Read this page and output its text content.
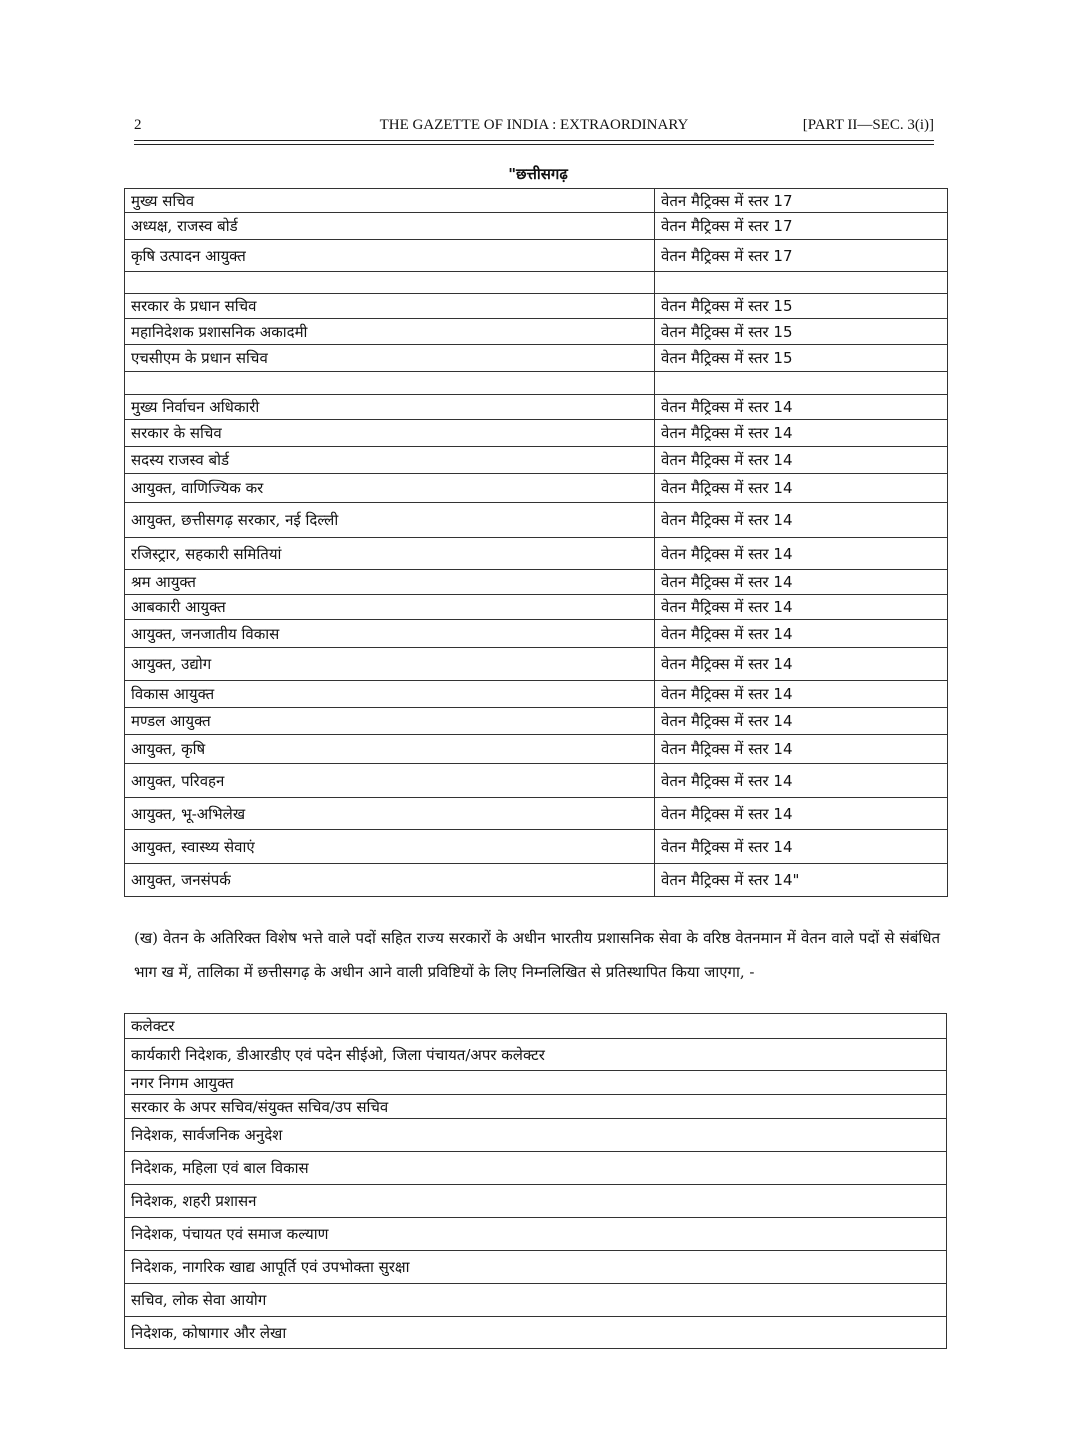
THE GAZETTE OF INDIA : EXTRAORDINARY
2	[PART II—SEC. 3(i)]
"छत्तीसगढ़
मुख्य सचिव	वेतन मैट्रिक्स में स्तर 17
अध्यक्ष, राजस्व बोर्ड	वेतन मैट्रिक्स में स्तर 17
कृषि उत्पादन आयुक्त	वेतन मैट्रिक्स में स्तर 17

सरकार के प्रधान सचिव	वेतन मैट्रिक्स में स्तर 15
महानिदेशक प्रशासनिक अकादमी	वेतन मैट्रिक्स में स्तर 15
एचसीएम के प्रधान सचिव	वेतन मैट्रिक्स में स्तर 15

मुख्य निर्वाचन अधिकारी	वेतन मैट्रिक्स में स्तर 14
सरकार के सचिव	वेतन मैट्रिक्स में स्तर 14
सदस्य राजस्व बोर्ड	वेतन मैट्रिक्स में स्तर 14
आयुक्त, वाणिज्यिक कर	वेतन मैट्रिक्स में स्तर 14
आयुक्त, छत्तीसगढ़ सरकार, नई दिल्ली	वेतन मैट्रिक्स में स्तर 14
रजिस्ट्रार, सहकारी समितियां	वेतन मैट्रिक्स में स्तर 14
श्रम आयुक्त	वेतन मैट्रिक्स में स्तर 14
आबकारी आयुक्त	वेतन मैट्रिक्स में स्तर 14
आयुक्त, जनजातीय विकास	वेतन मैट्रिक्स में स्तर 14
आयुक्त, उद्योग	वेतन मैट्रिक्स में स्तर 14
विकास आयुक्त	वेतन मैट्रिक्स में स्तर 14
मण्डल आयुक्त	वेतन मैट्रिक्स में स्तर 14
आयुक्त, कृषि	वेतन मैट्रिक्स में स्तर 14
आयुक्त, परिवहन	वेतन मैट्रिक्स में स्तर 14
आयुक्त, भू-अभिलेख	वेतन मैट्रिक्स में स्तर 14
आयुक्त, स्वास्थ्य सेवाएं	वेतन मैट्रिक्स में स्तर 14
आयुक्त, जनसंपर्क	वेतन मैट्रिक्स में स्तर 14"
(ख) वेतन के अतिरिक्त विशेष भत्ते वाले पदों सहित राज्य सरकारों के अधीन भारतीय प्रशासनिक सेवा के वरिष्ठ वेतनमान में वेतन वाले पदों से संबंधित भाग ख में, तालिका में छत्तीसगढ़ के अधीन आने वाली प्रविष्टियों के लिए निम्नलिखित से प्रतिस्थापित किया जाएगा, -
कलेक्टर
कार्यकारी निदेशक, डीआरडीए एवं पदेन सीईओ, जिला पंचायत/अपर कलेक्टर
नगर निगम आयुक्त
सरकार के अपर सचिव/संयुक्त सचिव/उप सचिव
निदेशक, सार्वजनिक अनुदेश
निदेशक, महिला एवं बाल विकास
निदेशक, शहरी प्रशासन
निदेशक, पंचायत एवं समाज कल्याण
निदेशक, नागरिक खाद्य आपूर्ति एवं उपभोक्ता सुरक्षा
सचिव, लोक सेवा आयोग
निदेशक, कोषागार और लेखा
